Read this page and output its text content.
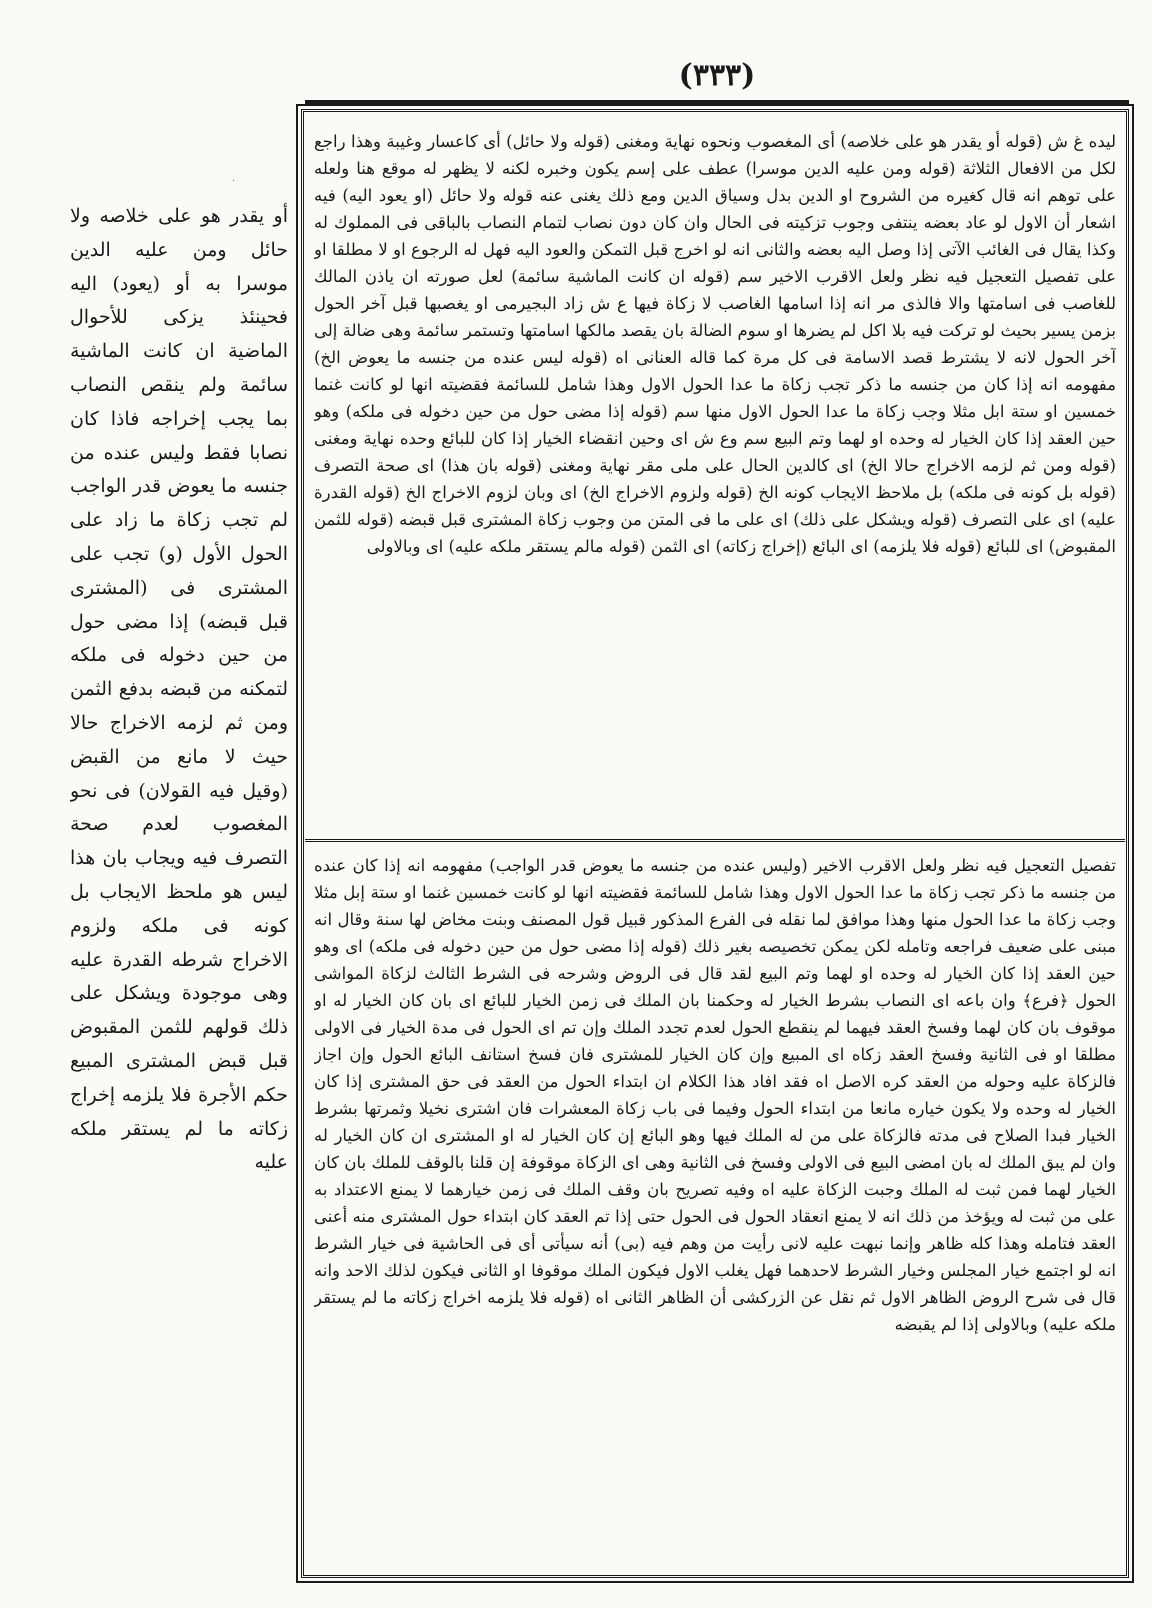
(٣٣٣)

ليده غ ش (قوله أو يقدر هو على خلاصه) أى المغصوب ونحوه نهاية ومغنى (قوله ولا حائل) أى كاعسار وغيبة وهذا راجع لكل من الافعال الثلاثة (قوله ومن عليه الدين موسرا) عطف على إسم يكون وخبره لكنه لا يظهر له موقع هنا ولعله على توهم انه قال كغيره من الشروح او الدين بدل وسياق الدين ومع ذلك يغنى عنه قوله ولا حائل (او يعود اليه) فيه اشعار أن الاول لو عاد بعضه ينتفى وجوب تزكيته فى الحال وان كان دون نصاب لتمام النصاب بالباقى فى المملوك له وكذا يقال فى الغائب الآتى إذا وصل اليه بعضه والثانى انه لو اخرج قبل التمكن والعود اليه فهل له الرجوع او لا مطلقا او على تفصيل التعجيل فيه نظر ولعل الاقرب الاخير سم (قوله ان كانت الماشية سائمة) لعل صورته ان ياذن المالك للغاصب فى اسامتها والا فالذى مر انه إذا اسامها الغاصب لا زكاة فيها ع ش زاد البجيرمى او يغصبها قبل آخر الحول بزمن يسير بحيث لو تركت فيه بلا اكل لم يضرها او سوم الضالة بان يقصد مالكها اسامتها وتستمر سائمة وهى ضالة إلى آخر الحول لانه لا يشترط قصد الاسامة فى كل مرة كما قاله العنانى اه (قوله ليس عنده من جنسه ما يعوض الخ) مفهومه انه إذا كان من جنسه ما ذكر تجب زكاة ما عدا الحول الاول وهذا شامل للسائمة فقضيته انها لو كانت غنما خمسين او ستة ابل مثلا وجب زكاة ما عدا الحول الاول منها سم (قوله إذا مضى حول من حين دخوله فى ملكه) وهو حين العقد إذا كان الخيار له وحده او لهما وتم البيع سم وع ش اى وحين انقضاء الخيار إذا كان للبائع وحده نهاية ومغنى (قوله ومن ثم لزمه الاخراج حالا الخ) اى كالدين الحال على ملى مقر نهاية ومغنى (قوله بان هذا) اى صحة التصرف (قوله بل كونه فى ملكه) بل ملاحظ الايجاب كونه الخ (قوله ولزوم الاخراج الخ) اى وبان لزوم الاخراج الخ (قوله القدرة عليه) اى على التصرف (قوله ويشكل على ذلك) اى على ما فى المتن من وجوب زكاة المشترى قبل قبضه (قوله للثمن المقبوض) اى للبائع (قوله فلا يلزمه) اى البائع (إخراج زكاته) اى الثمن (قوله مالم يستقر ملكه عليه) اى وبالاولى

تفصيل التعجيل فيه نظر ولعل الاقرب الاخير (وليس عنده من جنسه ما يعوض قدر الواجب) مفهومه انه إذا كان عنده من جنسه ما ذكر تجب زكاة ما عدا الحول الاول وهذا شامل للسائمة فقضيته انها لو كانت خمسين غنما او ستة إبل مثلا وجب زكاة ما عدا الحول منها وهذا موافق لما نقله فى الفرع المذكور قبيل قول المصنف وبنت مخاض لها سنة وقال انه مبنى على ضعيف فراجعه وتامله لكن يمكن تخصيصه بغير ذلك (قوله إذا مضى حول من حين دخوله فى ملكه) اى وهو حين العقد إذا كان الخيار له وحده او لهما وتم البيع لقد قال فى الروض وشرحه فى الشرط الثالث لزكاة المواشى الحول ﴿فرع﴾ وان باعه اى النصاب بشرط الخيار له وحكمنا بان الملك فى زمن الخيار للبائع اى بان كان الخيار له او موقوف بان كان لهما وفسخ العقد فيهما لم ينقطع الحول لعدم تجدد الملك وإن تم اى الحول فى مدة الخيار فى الاولى مطلقا او فى الثانية وفسخ العقد زكاه اى المبيع وإن كان الخيار للمشترى فان فسخ استانف البائع الحول وإن اجاز فالزكاة عليه وحوله من العقد كره الاصل اه فقد افاد هذا الكلام ان ابتداء الحول من العقد فى حق المشترى إذا كان الخيار له وحده ولا يكون خياره مانعا من ابتداء الحول وفيما فى باب زكاة المعشرات فان اشترى نخيلا وثمرتها بشرط الخيار فبدا الصلاح فى مدته فالزكاة على من له الملك فيها وهو البائع إن كان الخيار له او المشترى ان كان الخيار له وان لم يبق الملك له بان امضى البيع فى الاولى وفسخ فى الثانية وهى اى الزكاة موقوفة إن قلنا بالوقف للملك بان كان الخيار لهما فمن ثبت له الملك وجبت الزكاة عليه اه وفيه تصريح بان وقف الملك فى زمن خيارهما لا يمنع الاعتداد به على من ثبت له ويؤخذ من ذلك انه لا يمنع انعقاد الحول فى الحول حتى إذا تم العقد كان ابتداء حول المشترى منه أعنى العقد فتامله وهذا كله ظاهر وإنما نبهت عليه لانى رأيت من وهم فيه (بى) أنه سيأتى أى فى الحاشية فى خيار الشرط انه لو اجتمع خيار المجلس وخيار الشرط لاحدهما فهل يغلب الاول فيكون الملك موقوفا او الثانى فيكون لذلك الاحد وانه قال فى شرح الروض الظاهر الاول ثم نقل عن الزركشى أن الظاهر الثانى اه (قوله فلا يلزمه اخراج زكاته ما لم يستقر ملكه عليه) وبالاولى إذا لم يقبضه

·

أو يقدر هو على خلاصه ولا حائل ومن عليه الدين موسرا به أو (يعود) اليه فحينئذ يزكى للأحوال الماضية ان كانت الماشية سائمة ولم ينقص النصاب بما يجب إخراجه فاذا كان نصابا فقط وليس عنده من جنسه ما يعوض قدر الواجب لم تجب زكاة ما زاد على الحول الأول (و) تجب على المشترى فى (المشترى قبل قبضه) إذا مضى حول من حين دخوله فى ملكه لتمكنه من قبضه بدفع الثمن ومن ثم لزمه الاخراج حالا حيث لا مانع من القبض (وقيل فيه القولان) فى نحو المغصوب لعدم صحة التصرف فيه ويجاب بان هذا ليس هو ملحظ الايجاب بل كونه فى ملكه ولزوم الاخراج شرطه القدرة عليه وهى موجودة ويشكل على ذلك قولهم للثمن المقبوض قبل قبض المشترى المبيع حكم الأجرة فلا يلزمه إخراج زكاته ما لم يستقر ملكه عليه
